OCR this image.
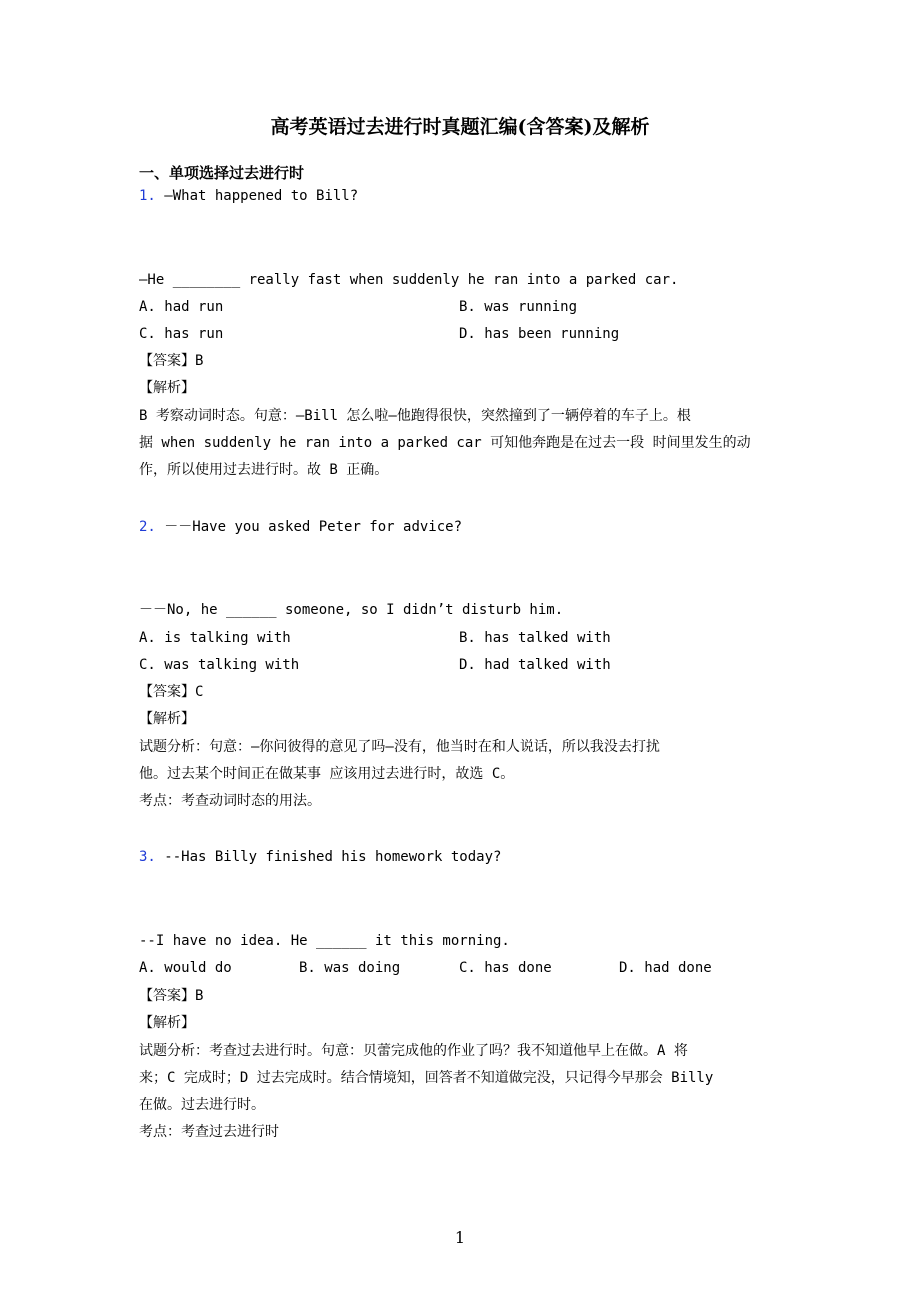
高考英语过去进行时真题汇编(含答案)及解析
一、单项选择过去进行时
1. —What happened to Bill?
—He ________ really fast when suddenly he ran into a parked car.
A. had run	B. was running
C. has run	D. has been running
【答案】B
【解析】
B 考察动词时态。句意：—Bill 怎么啦—他跑得很快，突然撞到了一辆停着的车子上。根
据 when suddenly he ran into a parked car 可知他奔跑是在过去一段 时间里发生的动
作，所以使用过去进行时。故 B 正确。
2. －－Have you asked Peter for advice?
－－No, he ______ someone, so I didn’t disturb him.
A. is talking with	B. has talked with
C. was talking with	D. had talked with
【答案】C
【解析】
试题分析：句意：—你问彼得的意见了吗—没有，他当时在和人说话，所以我没去打扰
他。过去某个时间正在做某事 应该用过去进行时，故选 C。
考点：考查动词时态的用法。
3. --Has Billy finished his homework today?
--I have no idea. He ______ it this morning.
A. would do	B. was doing	C. has done	D. had done
【答案】B
【解析】
试题分析：考查过去进行时。句意：贝蕾完成他的作业了吗？我不知道他早上在做。A 将
来；C 完成时；D 过去完成时。结合情境知，回答者不知道做完没，只记得今早那会 Billy
在做。过去进行时。
考点：考查过去进行时
1
